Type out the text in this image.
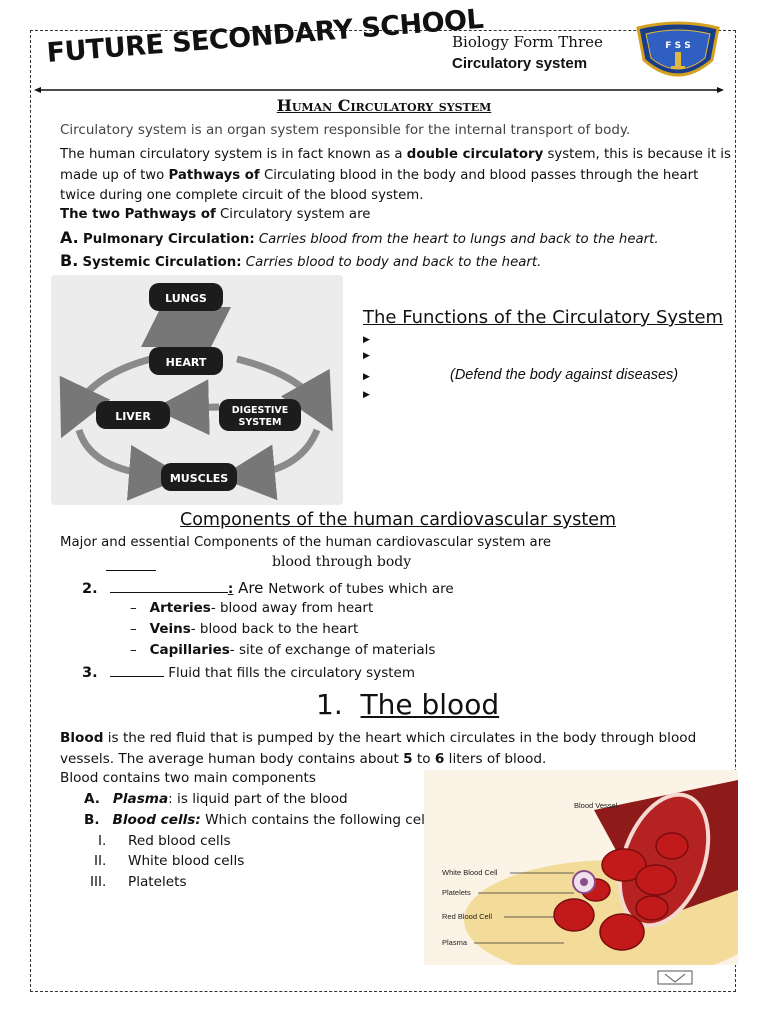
FUTURE SECONDARY SCHOOL
Biology Form Three
Circulatory system
F S S
Human Circulatory system
Circulatory system is an organ system responsible for the internal transport of body.
The human circulatory system is in fact known as a double circulatory system, this is because it is made up of two Pathways of Circulating blood in the body and blood passes through the heart twice during one complete circuit of the blood system.
The two Pathways of Circulatory system are
A. Pulmonary Circulation: Carries blood from the heart to lungs and back to the heart.
B. Systemic Circulation: Carries blood to body and back to the heart.
LUNGS
HEART
LIVER	DIGESTIVE
SYSTEM
MUSCLES
The Functions of the Circulatory System
▶
▶
▶
▶
(Defend the body against diseases)
Components of the human cardiovascular system
Major and essential Components of the human cardiovascular system are
blood through body
2.	: Are Network of tubes which are
–   Arteries- blood away from heart
–   Veins- blood back to the heart
–   Capillaries- site of exchange of materials
3.	Fluid that fills the circulatory system
1. The blood
Blood is the red fluid that is pumped by the heart which circulates in the body through blood vessels. The average human body contains about 5 to 6 liters of blood.
Blood contains two main components
A. Plasma: is liquid part of the blood
B. Blood cells: Which contains the following cells
I. Red blood cells
II. White blood cells
III. Platelets
Blood Vessel
White Blood Cell
Platelets
Red Blood Cell
Plasma
